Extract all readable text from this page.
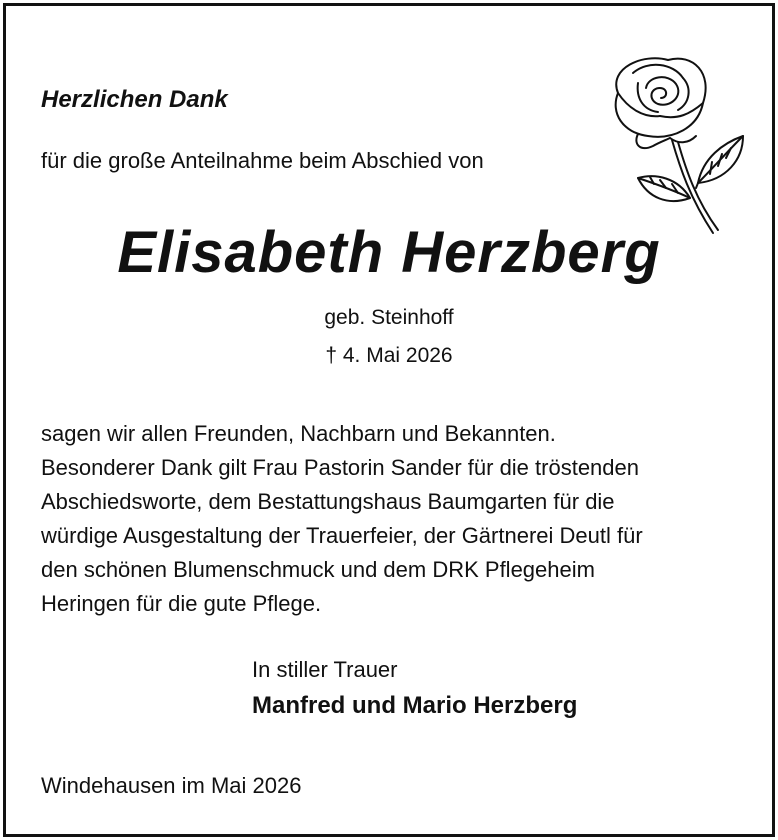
Herzlichen Dank
für die große Anteilnahme beim Abschied von
Elisabeth Herzberg
geb. Steinhoff
† 4. Mai 2026
sagen wir allen Freunden, Nachbarn und Bekannten.
Besonderer Dank gilt Frau Pastorin Sander für die tröstenden
Abschiedsworte, dem Bestattungshaus Baumgarten für die
würdige Ausgestaltung der Trauerfeier, der Gärtnerei Deutl für
den schönen Blumenschmuck und dem DRK Pflegeheim
Heringen für die gute Pflege.
In stiller Trauer
Manfred und Mario Herzberg
Windehausen im Mai 2026
